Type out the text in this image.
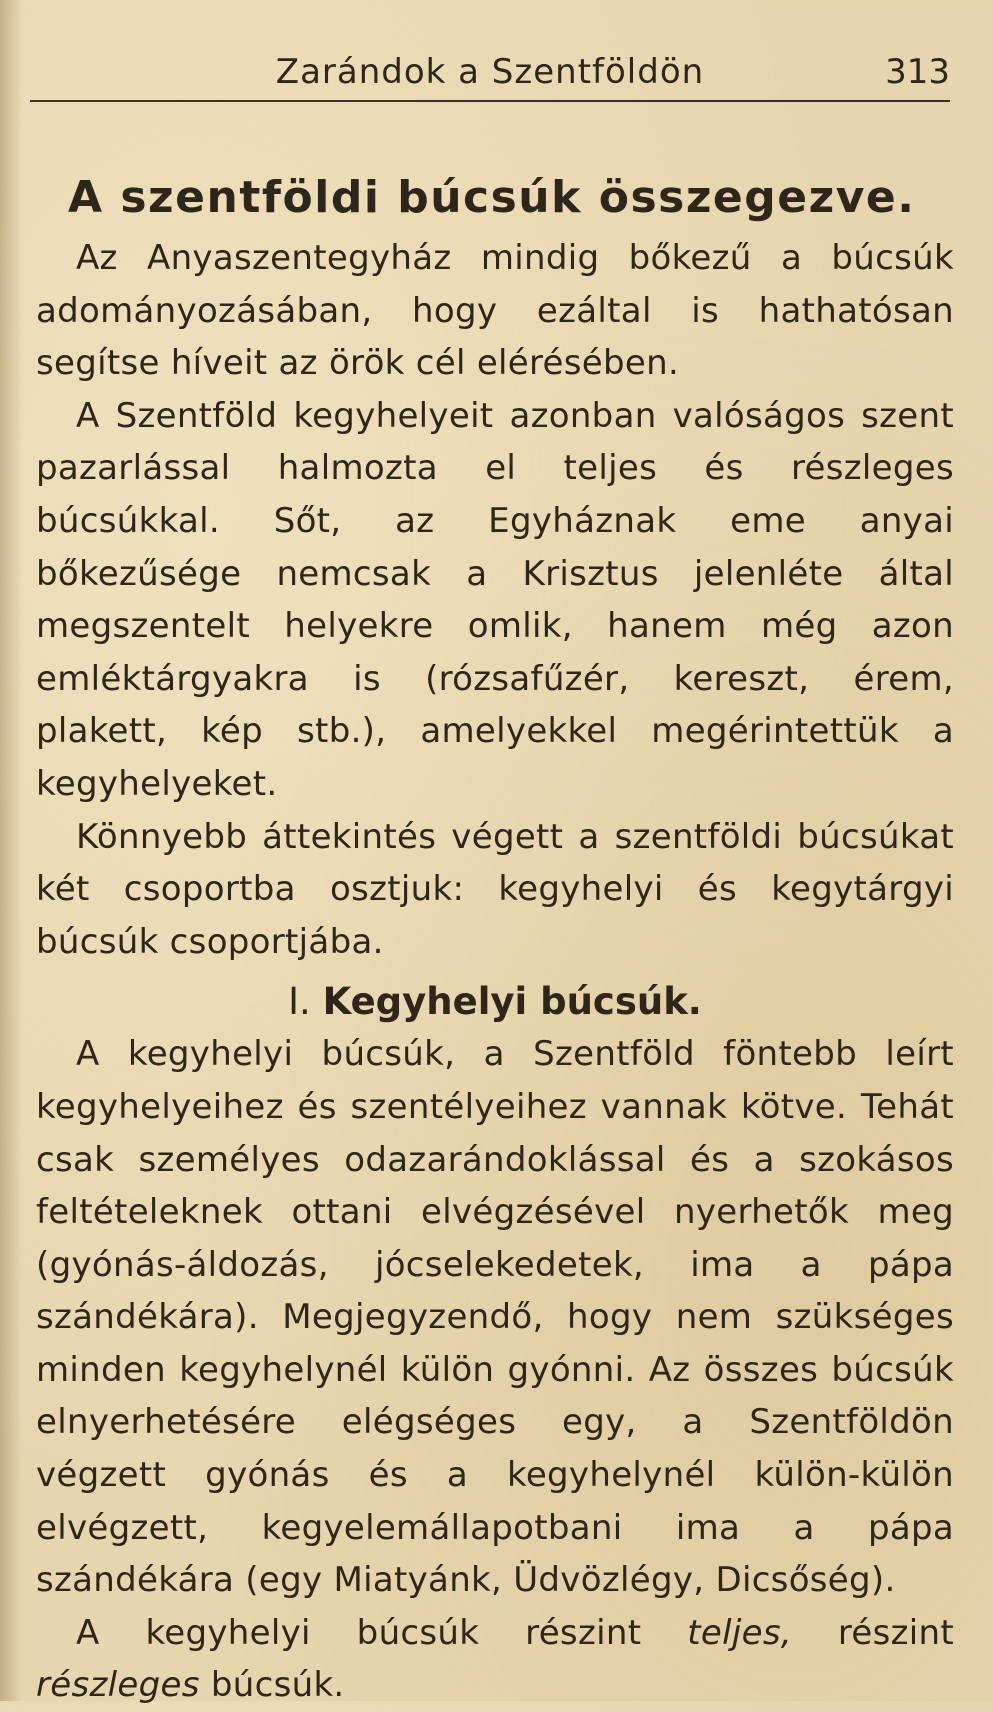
Zarándok a Szentföldön	313
A szentföldi búcsúk összegezve.

Az Anyaszentegyház mindig bőkezű a búcsúk adományozásában, hogy ezáltal is hathatósan segítse híveit az örök cél elérésében.

A Szentföld kegyhelyeit azonban valóságos szent pazarlással halmozta el teljes és részleges búcsúkkal. Sőt, az Egyháznak eme anyai bőkezűsége nemcsak a Krisztus jelenléte által megszentelt helyekre omlik, hanem még azon emléktárgyakra is (rózsafűzér, kereszt, érem, plakett, kép stb.), amelyekkel megérintettük a kegyhelyeket.

Könnyebb áttekintés végett a szentföldi búcsúkat két csoportba osztjuk: kegyhelyi és kegytárgyi búcsúk csoportjába.

I. Kegyhelyi búcsúk.

A kegyhelyi búcsúk, a Szentföld föntebb leírt kegyhelyeihez és szentélyeihez vannak kötve. Tehát csak személyes odazarándoklással és a szokásos feltételeknek ottani elvégzésével nyerhetők meg (gyónás-áldozás, jócselekedetek, ima a pápa szándékára). Megjegyzendő, hogy nem szükséges minden kegyhelynél külön gyónni. Az összes búcsúk elnyerhetésére elégséges egy, a Szentföldön végzett gyónás és a kegyhelynél külön-külön elvégzett, kegyelemállapotbani ima a pápa szándékára (egy Miatyánk, Üdvözlégy, Dicsőség).

A kegyhelyi búcsúk részint teljes, részint részleges búcsúk.
